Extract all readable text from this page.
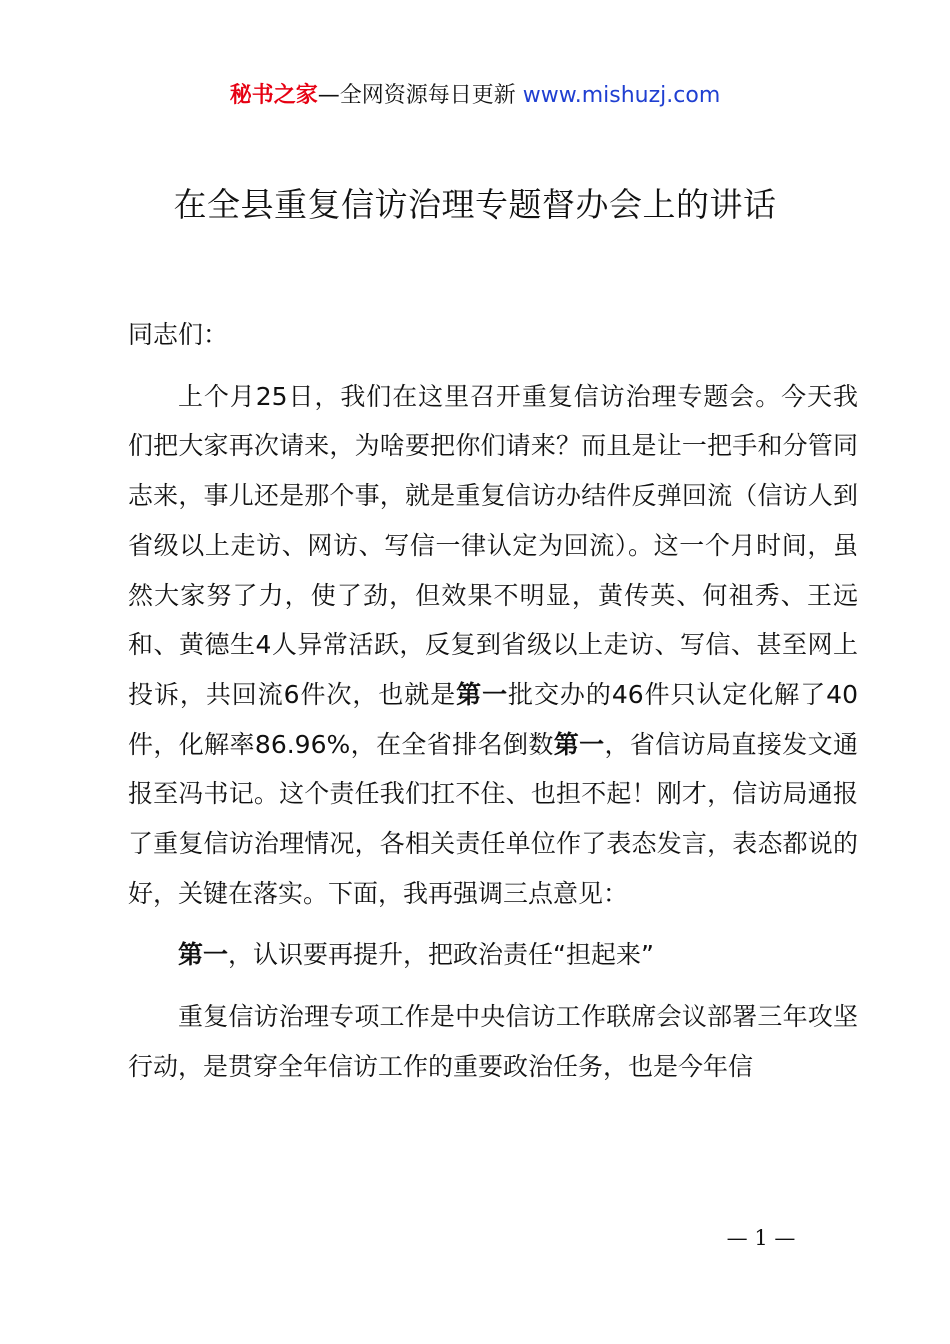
秘书之家—全网资源每日更新 www.mishuzj.com
在全县重复信访治理专题督办会上的讲话

同志们：

上个月25日，我们在这里召开重复信访治理专题会。今天我们把大家再次请来，为啥要把你们请来？而且是让一把手和分管同志来，事儿还是那个事，就是重复信访办结件反弹回流（信访人到省级以上走访、网访、写信一律认定为回流）。这一个月时间，虽然大家努了力，使了劲，但效果不明显，黄传英、何祖秀、王远和、黄德生4人异常活跃，反复到省级以上走访、写信、甚至网上投诉，共回流6件次，也就是第一批交办的46件只认定化解了40件，化解率86.96%，在全省排名倒数第一，省信访局直接发文通报至冯书记。这个责任我们扛不住、也担不起！刚才，信访局通报了重复信访治理情况，各相关责任单位作了表态发言，表态都说的好，关键在落实。下面，我再强调三点意见：

第一，认识要再提升，把政治责任“担起来”

重复信访治理专项工作是中央信访工作联席会议部署三年攻坚行动，是贯穿全年信访工作的重要政治任务，也是今年信

— 1 —
